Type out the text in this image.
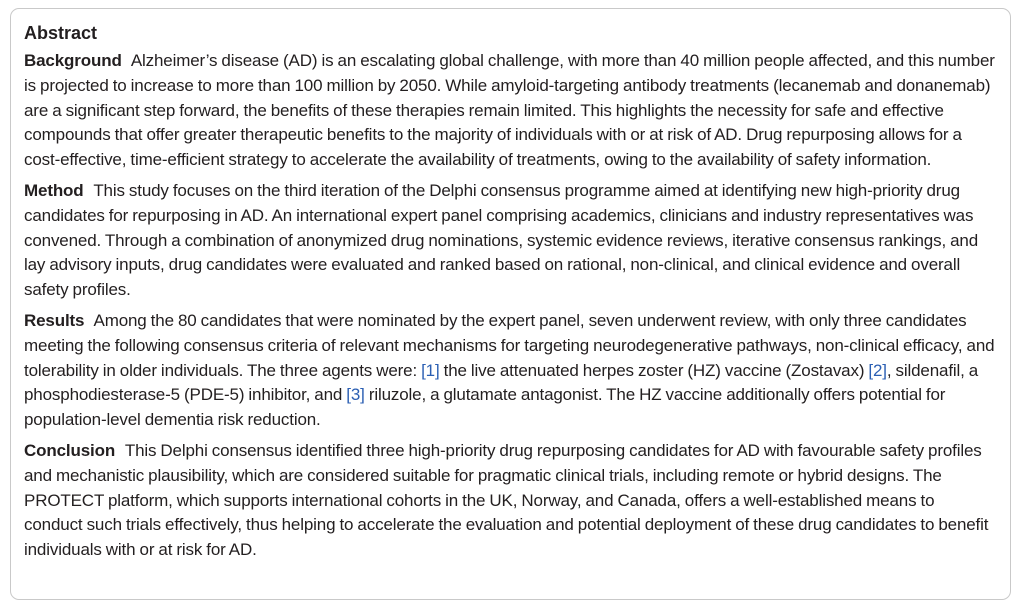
Abstract

Background Alzheimer’s disease (AD) is an escalating global challenge, with more than 40 million people affected, and this number is projected to increase to more than 100 million by 2050. While amyloid-targeting antibody treatments (lecanemab and donanemab) are a significant step forward, the benefits of these therapies remain limited. This highlights the necessity for safe and effective compounds that offer greater therapeutic benefits to the majority of individuals with or at risk of AD. Drug repurposing allows for a cost-effective, time-efficient strategy to accelerate the availability of treatments, owing to the availability of safety information.

Method This study focuses on the third iteration of the Delphi consensus programme aimed at identifying new high-priority drug candidates for repurposing in AD. An international expert panel comprising academics, clinicians and industry representatives was convened. Through a combination of anonymized drug nominations, systemic evidence reviews, iterative consensus rankings, and lay advisory inputs, drug candidates were evaluated and ranked based on rational, non-clinical, and clinical evidence and overall safety profiles.

Results Among the 80 candidates that were nominated by the expert panel, seven underwent review, with only three candidates meeting the following consensus criteria of relevant mechanisms for targeting neurodegenerative pathways, non-clinical efficacy, and tolerability in older individuals. The three agents were: [1] the live attenuated herpes zoster (HZ) vaccine (Zostavax) [2], sildenafil, a phosphodiesterase-5 (PDE-5) inhibitor, and [3] riluzole, a glutamate antagonist. The HZ vaccine additionally offers potential for population-level dementia risk reduction.

Conclusion This Delphi consensus identified three high-priority drug repurposing candidates for AD with favourable safety profiles and mechanistic plausibility, which are considered suitable for pragmatic clinical trials, including remote or hybrid designs. The PROTECT platform, which supports international cohorts in the UK, Norway, and Canada, offers a well-established means to conduct such trials effectively, thus helping to accelerate the evaluation and potential deployment of these drug candidates to benefit individuals with or at risk for AD.
